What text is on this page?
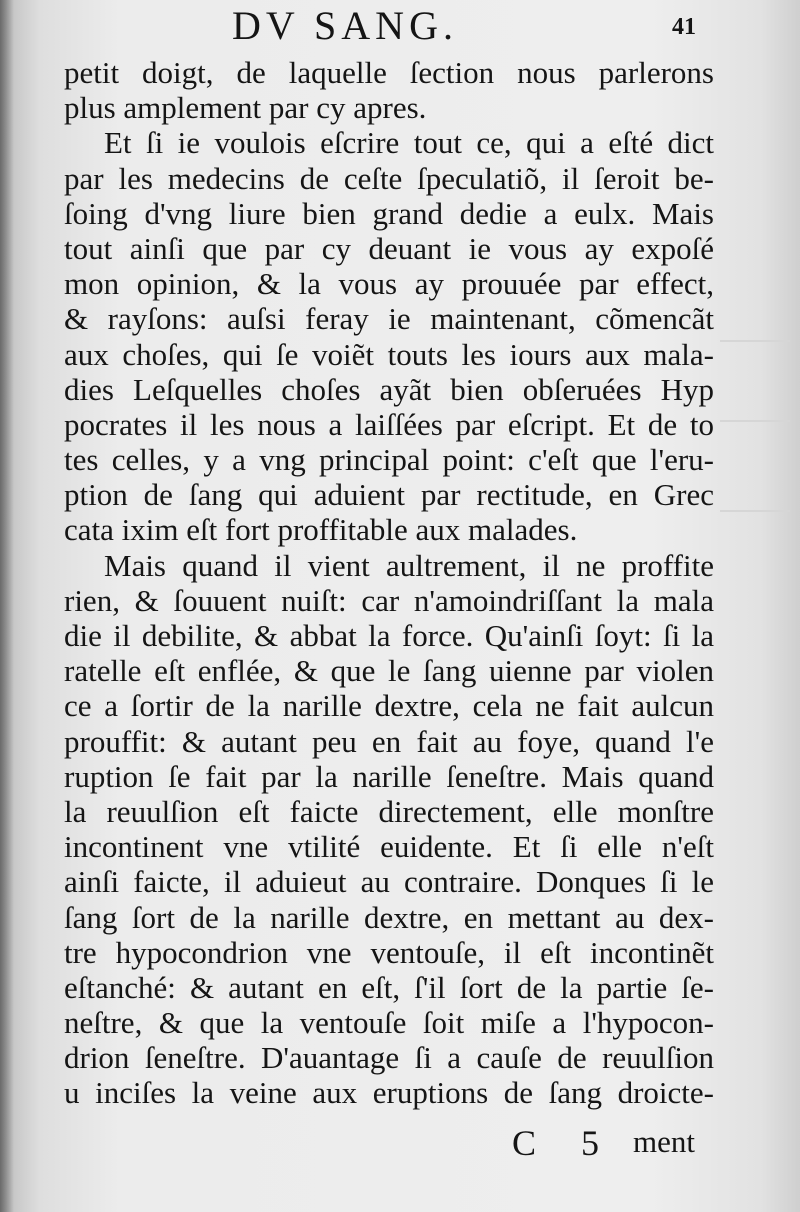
DV SANG.	41
petit doigt, de laquelle ſection nous parlerons
plus amplement par cy apres.
Et ſi ie voulois eſcrire tout ce, qui a eſté dict
par les medecins de ceſte ſpeculatiõ, il ſeroit be-
ſoing d'vng liure bien grand dedie a eulx. Mais
tout ainſi que par cy deuant ie vous ay expoſé
mon opinion, & la vous ay prouuée par effect,
& rayſons: auſsi feray ie maintenant, cõmencãt
aux choſes, qui ſe voiẽt touts les iours aux mala-
dies Leſquelles choſes ayãt bien obſeruées Hyp
pocrates il les nous a laiſſées par eſcript. Et de to
tes celles, y a vng principal point: c'eſt que l'eru-
ption de ſang qui aduient par rectitude, en Grec
cata ixim eſt fort proffitable aux malades.
Mais quand il vient aultrement, il ne proffite
rien, & ſouuent nuiſt: car n'amoindriſſant la mala
die il debilite, & abbat la force. Qu'ainſi ſoyt: ſi la
ratelle eſt enflée, & que le ſang uienne par violen
ce a ſortir de la narille dextre, cela ne fait aulcun
prouffit: & autant peu en fait au foye, quand l'e
ruption ſe fait par la narille ſeneſtre. Mais quand
la reuulſion eſt faicte directement, elle monſtre
incontinent vne vtilité euidente. Et ſi elle n'eſt
ainſi faicte, il aduieut au contraire. Donques ſi le
ſang ſort de la narille dextre, en mettant au dex-
tre hypocondrion vne ventouſe, il eſt incontinẽt
eſtanché: & autant en eſt, ſ'il ſort de la partie ſe-
neſtre, & que la ventouſe ſoit miſe a l'hypocon-
drion ſeneſtre. D'auantage ſi a cauſe de reuulſion
u inciſes la veine aux eruptions de ſang droicte-
C 5 ment
